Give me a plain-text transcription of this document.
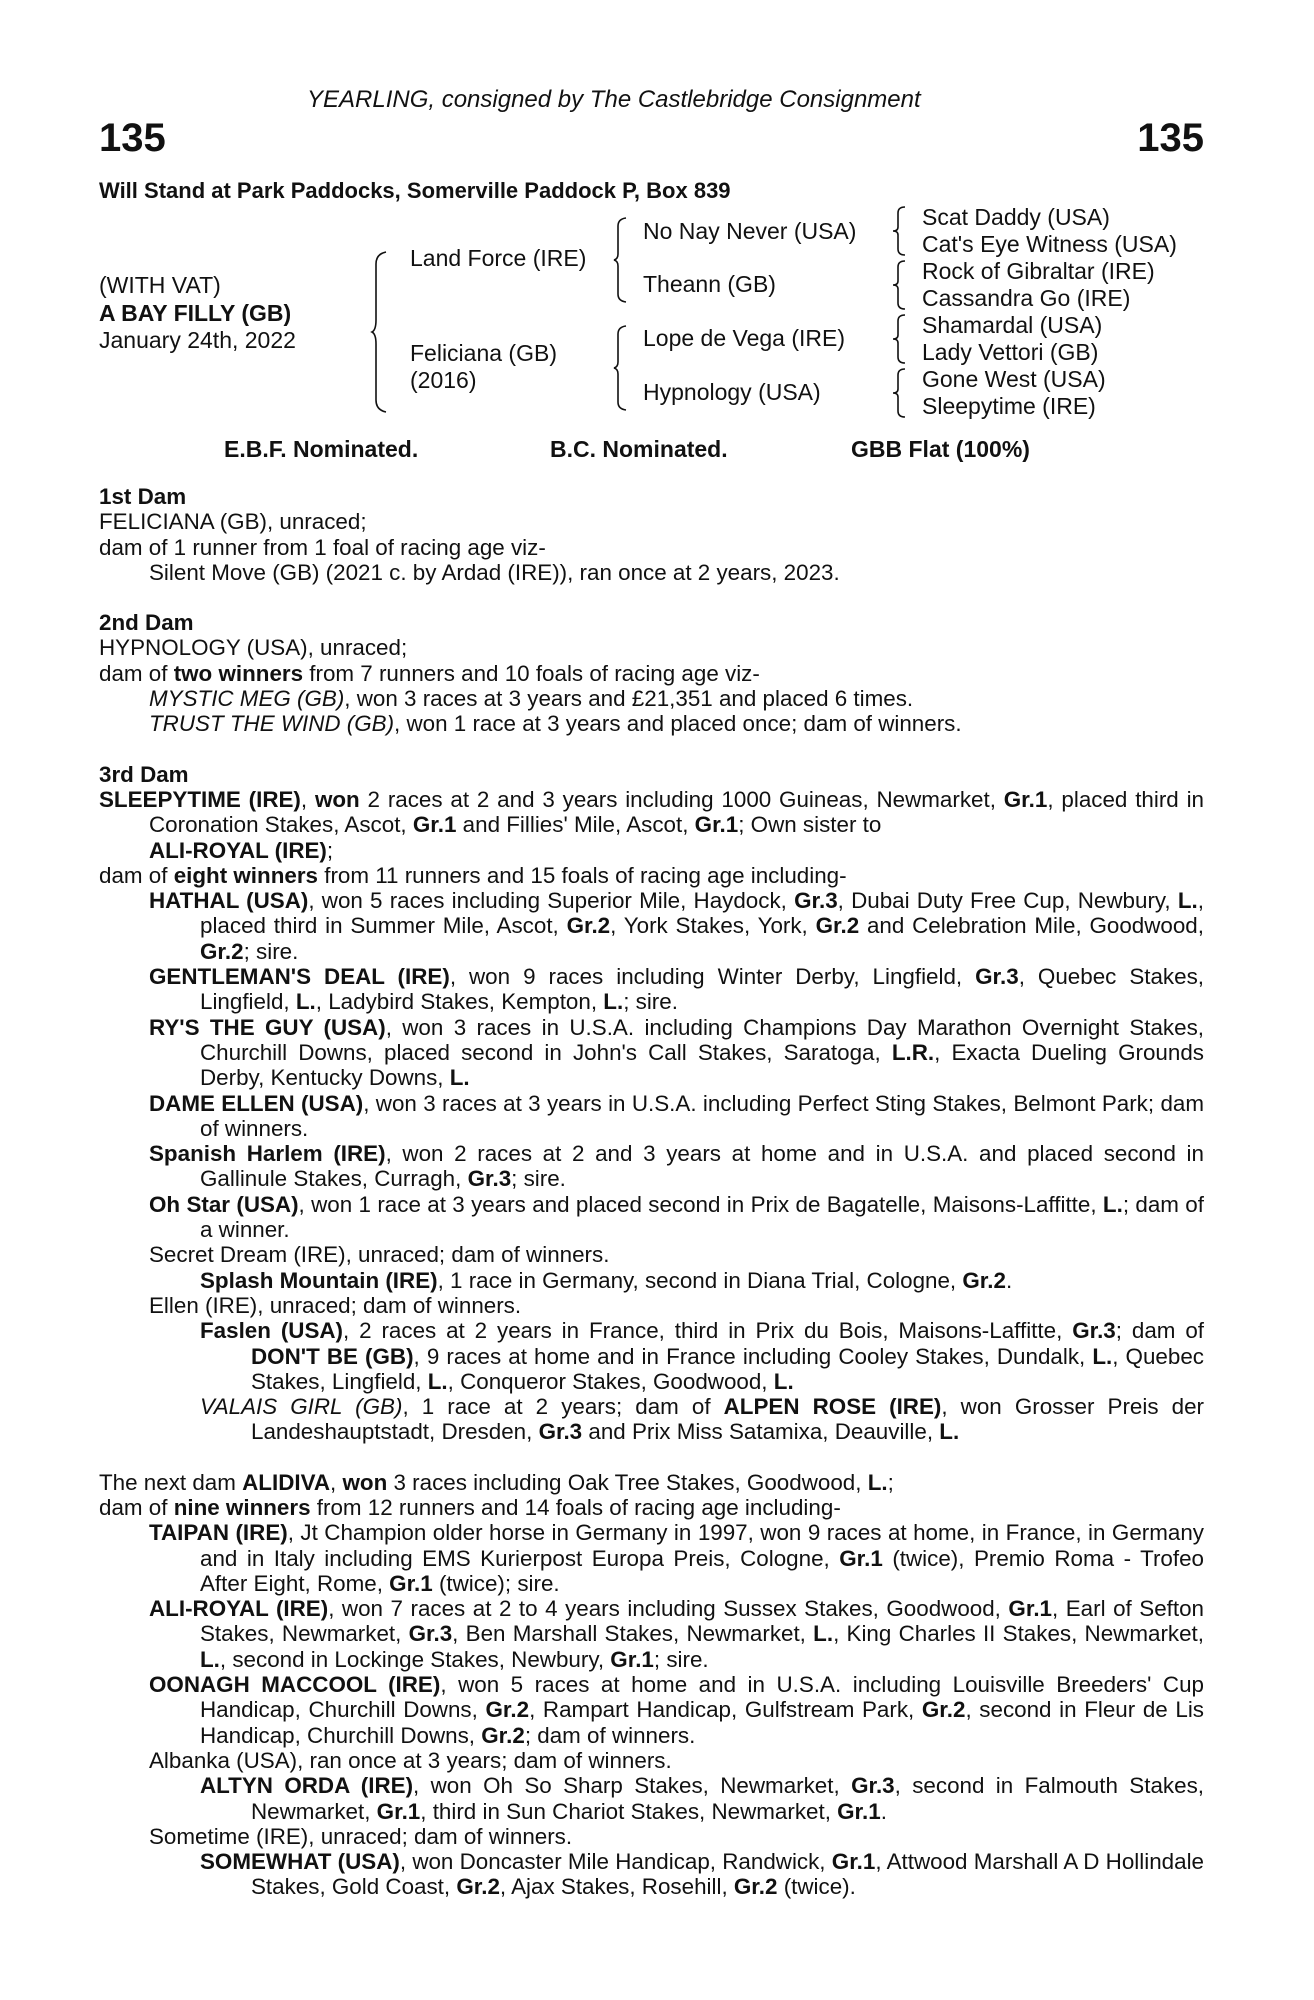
YEARLING, consigned by The Castlebridge Consignment
135	135
Will Stand at Park Paddocks, Somerville Paddock P, Box 839
(WITH VAT)
A BAY FILLY (GB)
January 24th, 2022
Land Force (IRE)
Feliciana (GB)
(2016)
No Nay Never (USA)
Theann (GB)
Lope de Vega (IRE)
Hypnology (USA)
Scat Daddy (USA)
Cat's Eye Witness (USA)
Rock of Gibraltar (IRE)
Cassandra Go (IRE)
Shamardal (USA)
Lady Vettori (GB)
Gone West (USA)
Sleepytime (IRE)
E.B.F. Nominated.	B.C. Nominated.	GBB Flat (100%)

1st Dam

FELICIANA (GB), unraced;

dam of 1 runner from 1 foal of racing age viz-

Silent Move (GB) (2021 c. by Ardad (IRE)), ran once at 2 years, 2023.

2nd Dam

HYPNOLOGY (USA), unraced;

dam of two winners from 7 runners and 10 foals of racing age viz-

MYSTIC MEG (GB), won 3 races at 3 years and £21,351 and placed 6 times.

TRUST THE WIND (GB), won 1 race at 3 years and placed once; dam of winners.

3rd Dam

SLEEPYTIME (IRE), won 2 races at 2 and 3 years including 1000 Guineas, Newmarket, Gr.1, placed third in Coronation Stakes, Ascot, Gr.1 and Fillies' Mile, Ascot, Gr.1; Own sister to
ALI-ROYAL (IRE);

dam of eight winners from 11 runners and 15 foals of racing age including-

HATHAL (USA), won 5 races including Superior Mile, Haydock, Gr.3, Dubai Duty Free Cup, Newbury, L., placed third in Summer Mile, Ascot, Gr.2, York Stakes, York, Gr.2 and Celebration Mile, Goodwood, Gr.2; sire.

GENTLEMAN'S DEAL (IRE), won 9 races including Winter Derby, Lingfield, Gr.3, Quebec Stakes, Lingfield, L., Ladybird Stakes, Kempton, L.; sire.

RY'S THE GUY (USA), won 3 races in U.S.A. including Champions Day Marathon Overnight Stakes, Churchill Downs, placed second in John's Call Stakes, Saratoga, L.R., Exacta Dueling Grounds Derby, Kentucky Downs, L.

DAME ELLEN (USA), won 3 races at 3 years in U.S.A. including Perfect Sting Stakes, Belmont Park; dam of winners.

Spanish Harlem (IRE), won 2 races at 2 and 3 years at home and in U.S.A. and placed second in Gallinule Stakes, Curragh, Gr.3; sire.

Oh Star (USA), won 1 race at 3 years and placed second in Prix de Bagatelle, Maisons-Laffitte, L.; dam of a winner.

Secret Dream (IRE), unraced; dam of winners.

Splash Mountain (IRE), 1 race in Germany, second in Diana Trial, Cologne, Gr.2.

Ellen (IRE), unraced; dam of winners.

Faslen (USA), 2 races at 2 years in France, third in Prix du Bois, Maisons-Laffitte, Gr.3; dam of DON'T BE (GB), 9 races at home and in France including Cooley Stakes, Dundalk, L., Quebec Stakes, Lingfield, L., Conqueror Stakes, Goodwood, L.

VALAIS GIRL (GB), 1 race at 2 years; dam of ALPEN ROSE (IRE), won Grosser Preis der Landeshauptstadt, Dresden, Gr.3 and Prix Miss Satamixa, Deauville, L.

The next dam ALIDIVA, won 3 races including Oak Tree Stakes, Goodwood, L.;

dam of nine winners from 12 runners and 14 foals of racing age including-

TAIPAN (IRE), Jt Champion older horse in Germany in 1997, won 9 races at home, in France, in Germany and in Italy including EMS Kurierpost Europa Preis, Cologne, Gr.1 (twice), Premio Roma - Trofeo After Eight, Rome, Gr.1 (twice); sire.

ALI-ROYAL (IRE), won 7 races at 2 to 4 years including Sussex Stakes, Goodwood, Gr.1, Earl of Sefton Stakes, Newmarket, Gr.3, Ben Marshall Stakes, Newmarket, L., King Charles II Stakes, Newmarket, L., second in Lockinge Stakes, Newbury, Gr.1; sire.

OONAGH MACCOOL (IRE), won 5 races at home and in U.S.A. including Louisville Breeders' Cup Handicap, Churchill Downs, Gr.2, Rampart Handicap, Gulfstream Park, Gr.2, second in Fleur de Lis Handicap, Churchill Downs, Gr.2; dam of winners.

Albanka (USA), ran once at 3 years; dam of winners.

ALTYN ORDA (IRE), won Oh So Sharp Stakes, Newmarket, Gr.3, second in Falmouth Stakes, Newmarket, Gr.1, third in Sun Chariot Stakes, Newmarket, Gr.1.

Sometime (IRE), unraced; dam of winners.

SOMEWHAT (USA), won Doncaster Mile Handicap, Randwick, Gr.1, Attwood Marshall A D Hollindale Stakes, Gold Coast, Gr.2, Ajax Stakes, Rosehill, Gr.2 (twice).
